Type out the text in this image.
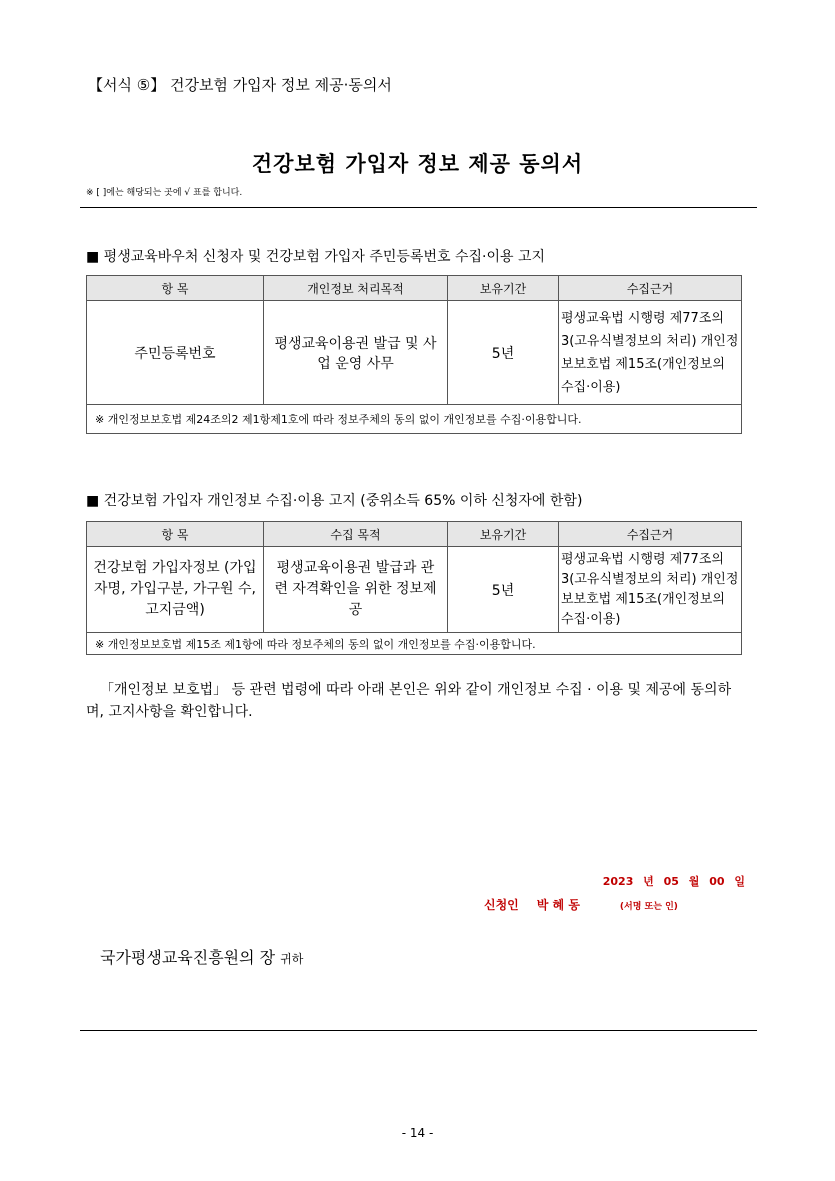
【서식 ⑤】 건강보험 가입자 정보 제공·동의서
건강보험 가입자 정보 제공 동의서
※ [ ]에는 해당되는 곳에 √ 표를 합니다.
■ 평생교육바우처 신청자 및 건강보험 가입자 주민등록번호 수집·이용 고지
항 목	개인정보 처리목적	보유기간	수집근거
주민등록번호	평생교육이용권 발급 및 사업 운영 사무	5년	평생교육법 시행령 제77조의3(고유식별정보의 처리) 개인정보보호법 제15조(개인정보의 수집·이용)
※ 개인정보보호법 제24조의2 제1항제1호에 따라 정보주체의 동의 없이 개인정보를 수집·이용합니다.			
■ 건강보험 가입자 개인정보 수집·이용 고지 (중위소득 65% 이하 신청자에 한함)
항 목	수집 목적	보유기간	수집근거
건강보험 가입자정보 (가입자명, 가입구분, 가구원 수, 고지금액)	평생교육이용권 발급과 관련 자격확인을 위한 정보제공	5년	평생교육법 시행령 제77조의3(고유식별정보의 처리) 개인정보보호법 제15조(개인정보의 수집·이용)
※ 개인정보보호법 제15조 제1항에 따라 정보주체의 동의 없이 개인정보를 수집·이용합니다.			
「개인정보 보호법」 등 관련 법령에 따라 아래 본인은 위와 같이 개인정보 수집 · 이용 및 제공에 동의하며, 고지사항을 확인합니다.
2023 년 05 월 00 일
신청인 박 혜 동	(서명 또는 인)
국가평생교육진흥원의 장 귀하
- 14 -
